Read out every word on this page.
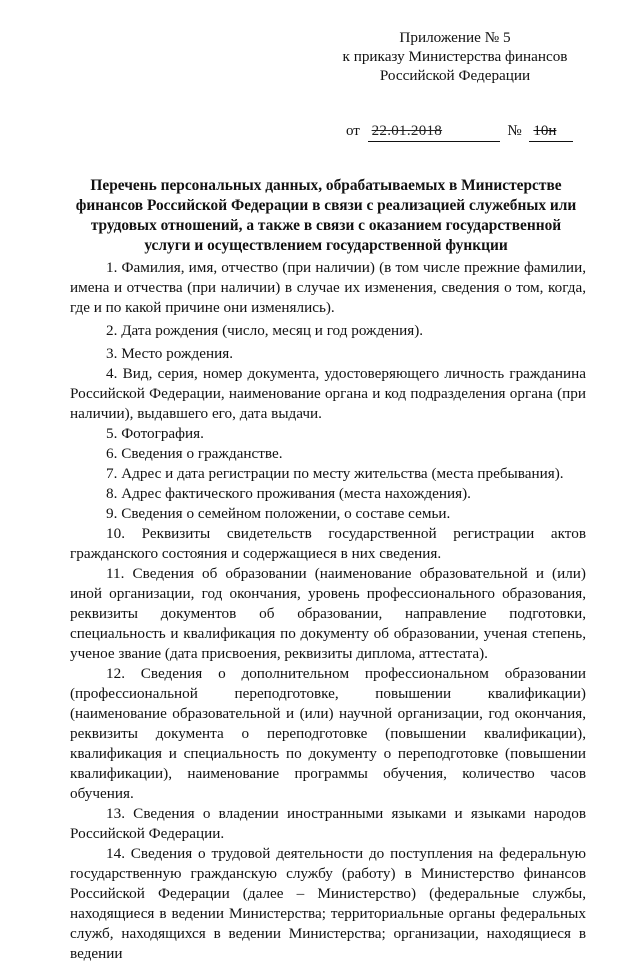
Приложение № 5
к приказу Министерства финансов
Российской Федерации
от 22.01.2018	№ 10н
Перечень персональных данных, обрабатываемых в Министерстве финансов Российской Федерации в связи с реализацией служебных или трудовых отношений, а также в связи с оказанием государственной услуги и осуществлением государственной функции

1. Фамилия, имя, отчество (при наличии) (в том числе прежние фамилии, имена и отчества (при наличии) в случае их изменения, сведения о том, когда, где и по какой причине они изменялись).

2. Дата рождения (число, месяц и год рождения).

3. Место рождения.

4. Вид, серия, номер документа, удостоверяющего личность гражданина Российской Федерации, наименование органа и код подразделения органа (при наличии), выдавшего его, дата выдачи.

5. Фотография.

6. Сведения о гражданстве.

7. Адрес и дата регистрации по месту жительства (места пребывания).

8. Адрес фактического проживания (места нахождения).

9. Сведения о семейном положении, о составе семьи.

10. Реквизиты свидетельств государственной регистрации актов гражданского состояния и содержащиеся в них сведения.

11. Сведения об образовании (наименование образовательной и (или) иной организации, год окончания, уровень профессионального образования, реквизиты документов об образовании, направление подготовки, специальность и квалификация по документу об образовании, ученая степень, ученое звание (дата присвоения, реквизиты диплома, аттестата).

12. Сведения о дополнительном профессиональном образовании (профессиональной переподготовке, повышении квалификации) (наименование образовательной и (или) научной организации, год окончания, реквизиты документа о переподготовке (повышении квалификации), квалификация и специальность по документу о переподготовке (повышении квалификации), наименование программы обучения, количество часов обучения.

13. Сведения о владении иностранными языками и языками народов Российской Федерации.

14. Сведения о трудовой деятельности до поступления на федеральную государственную гражданскую службу (работу) в Министерство финансов Российской Федерации (далее – Министерство) (федеральные службы, находящиеся в ведении Министерства; территориальные органы федеральных служб, находящихся в ведении Министерства; организации, находящиеся в ведении
